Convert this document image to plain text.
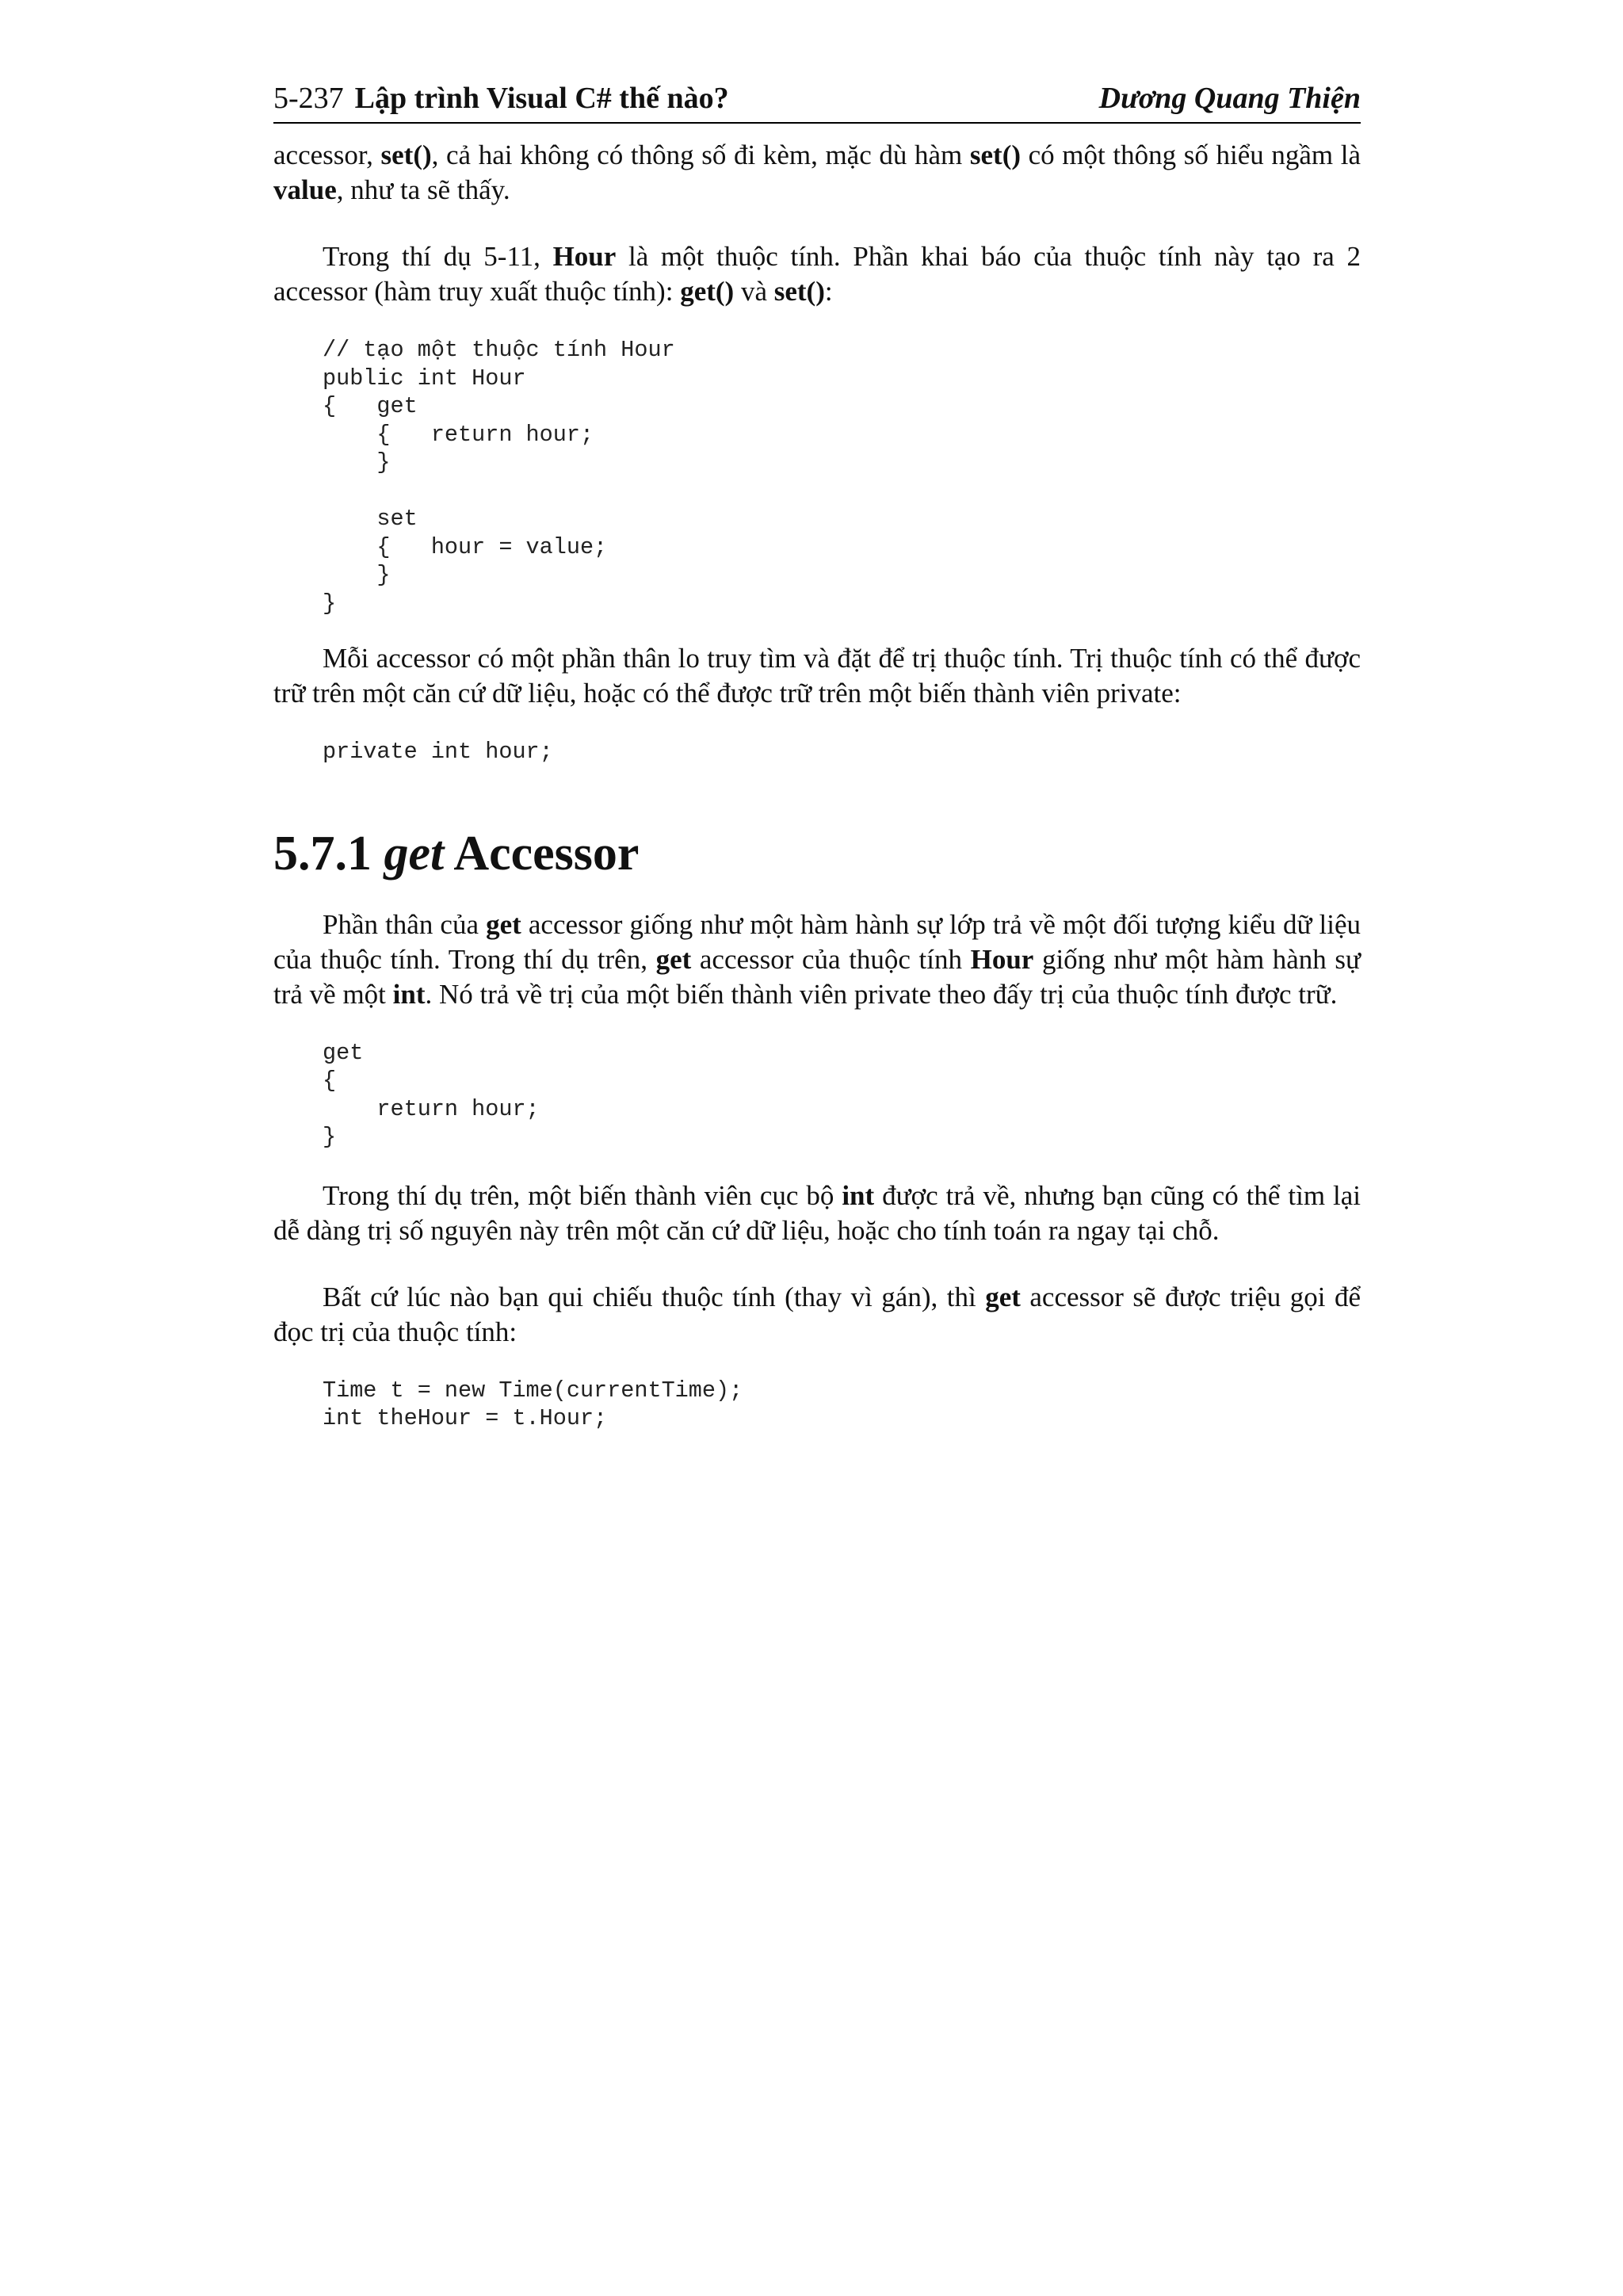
5-237 Lập trình Visual C# thế nào?	Dương Quang Thiện

accessor, set(), cả hai không có thông số đi kèm, mặc dù hàm set() có một thông số hiểu ngầm là value, như ta sẽ thấy.

Trong thí dụ 5-11, Hour là một thuộc tính. Phần khai báo của thuộc tính này tạo ra 2 accessor (hàm truy xuất thuộc tính): get() và set():

// tạo một thuộc tính Hour
public int Hour
{   get
{   return hour;
}

set
{   hour = value;
}
}

Mỗi accessor có một phần thân lo truy tìm và đặt để trị thuộc tính. Trị thuộc tính có thể được trữ trên một căn cứ dữ liệu, hoặc có thể được trữ trên một biến thành viên private:

private int hour;
5.7.1 get Accessor

Phần thân của get accessor giống như một hàm hành sự lớp trả về một đối tượng kiểu dữ liệu của thuộc tính. Trong thí dụ trên, get accessor của thuộc tính Hour giống như một hàm hành sự trả về một int. Nó trả về trị của một biến thành viên private theo đấy trị của thuộc tính được trữ.

get
{
return hour;
}

Trong thí dụ trên, một biến thành viên cục bộ int được trả về, nhưng bạn cũng có thể tìm lại dễ dàng trị số nguyên này trên một căn cứ dữ liệu, hoặc cho tính toán ra ngay tại chỗ.

Bất cứ lúc nào bạn qui chiếu thuộc tính (thay vì gán), thì get accessor sẽ được triệu gọi để đọc trị của thuộc tính:

Time t = new Time(currentTime);
int theHour = t.Hour;
